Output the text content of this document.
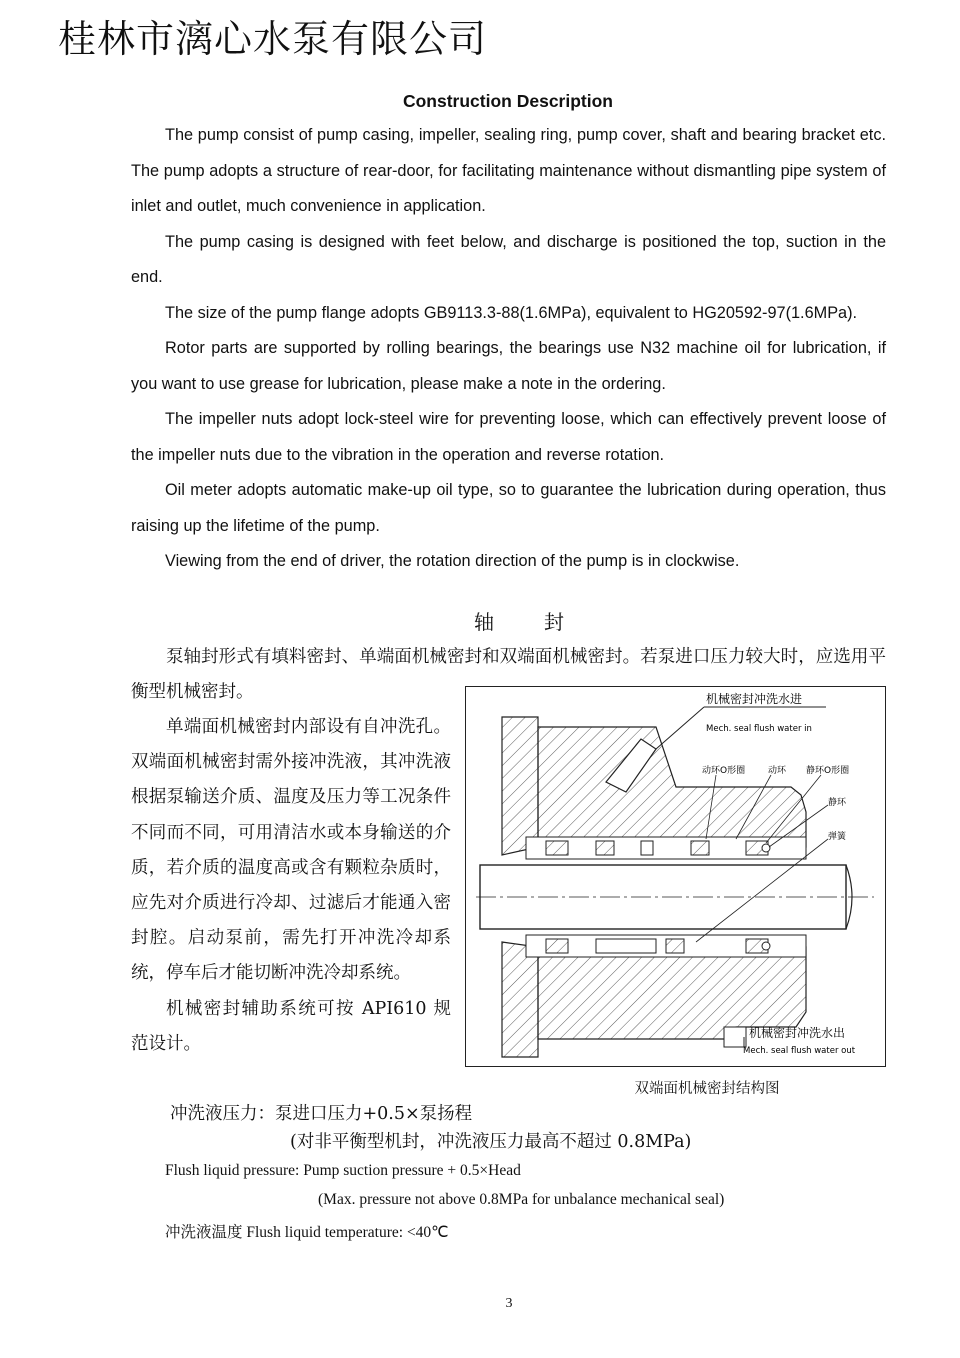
桂林市漓心水泵有限公司
Construction Description

The pump consist of pump casing, impeller, sealing ring, pump cover, shaft and bearing bracket etc. The pump adopts a structure of rear-door, for facilitating maintenance without dismantling pipe system of inlet and outlet, much convenience in application.

The pump casing is designed with feet below, and discharge is positioned the top, suction in the end.

The size of the pump flange adopts GB9113.3-88(1.6MPa), equivalent to HG20592-97(1.6MPa).

Rotor parts are supported by rolling bearings, the bearings use N32 machine oil for lubrication, if you want to use grease for lubrication, please make a note in the ordering.

The impeller nuts adopt lock-steel wire for preventing loose, which can effectively prevent loose of the impeller nuts due to the vibration in the operation and reverse rotation.

Oil meter adopts automatic make-up oil type, so to guarantee the lubrication during operation, thus raising up the lifetime of the pump.

Viewing from the end of driver, the rotation direction of the pump is in clockwise.

轴封

泵轴封形式有填料密封、单端面机械密封和双端面机械密封。若泵进口压力较大时，应选用平衡型机械密封。

单端面机械密封内部设有自冲洗孔。双端面机械密封需外接冲洗液，其冲洗液根据泵输送介质、温度及压力等工况条件不同而不同，可用清洁水或本身输送的介质，若介质的温度高或含有颗粒杂质时，应先对介质进行冷却、过滤后才能通入密封腔。启动泵前，需先打开冲洗冷却系统，停车后才能切断冲洗冷却系统。

机械密封辅助系统可按 API610 规范设计。

机械密封冲洗水进
Mech. seal flush water in
动环O形圈	动环 静环O形圈
静环
弹簧
机械密封冲洗水出
Mech. seal flush water out
双端面机械密封结构图
冲洗液压力：泵进口压力+0.5×泵扬程
(对非平衡型机封，冲洗液压力最高不超过 0.8MPa)
Flush liquid pressure: Pump suction pressure + 0.5×Head
(Max. pressure not above 0.8MPa for unbalance mechanical seal)
冲洗液温度 Flush liquid temperature: <40℃
3
